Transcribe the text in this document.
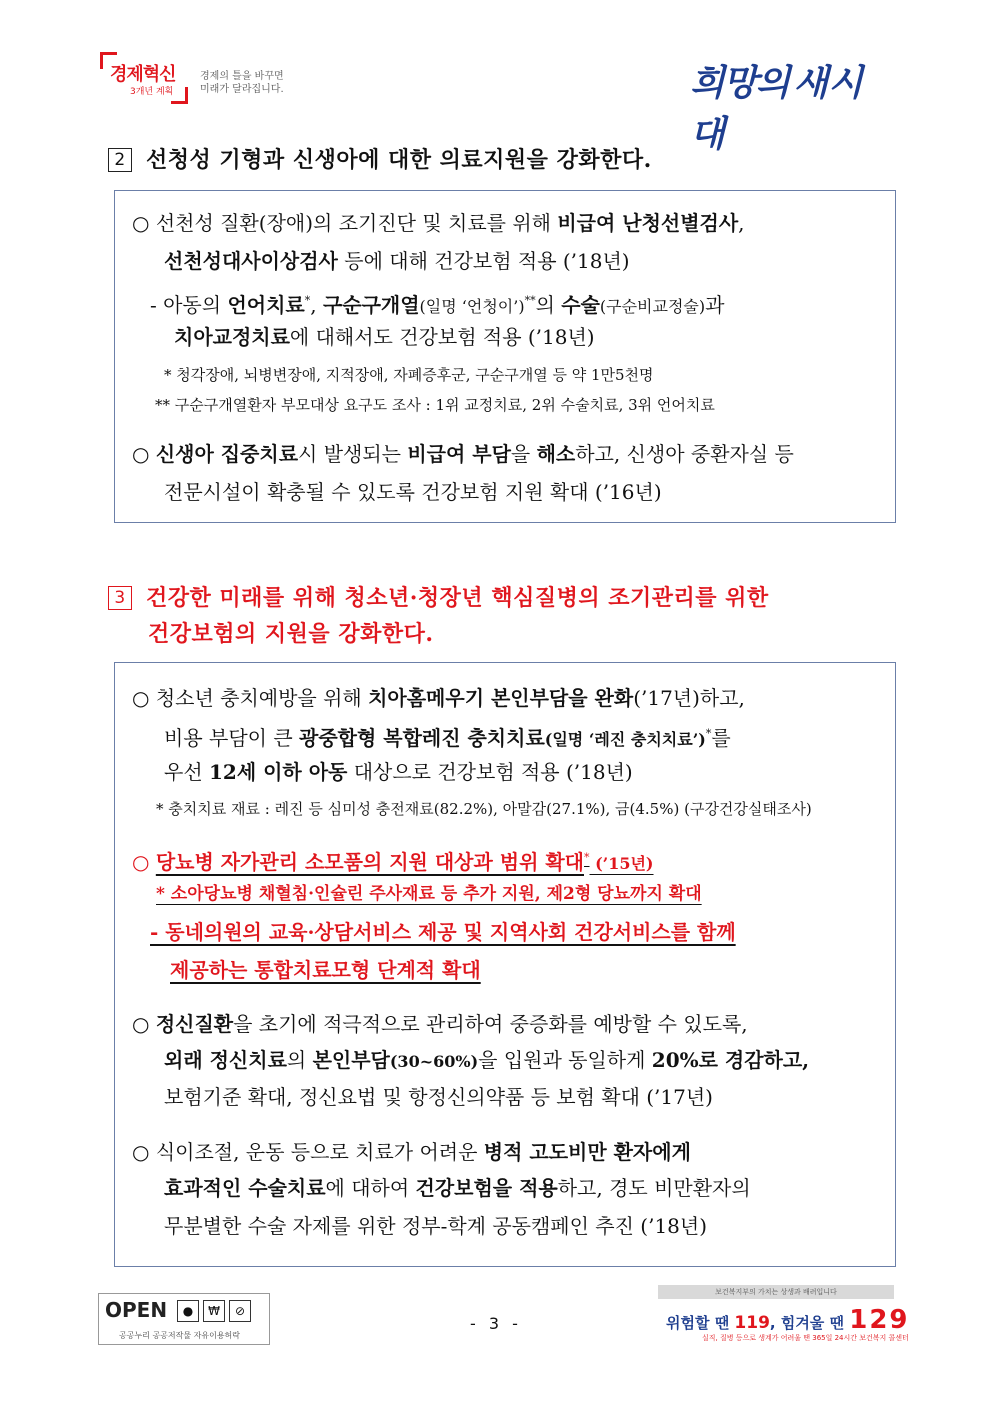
경제혁신
3개년 계획
경제의 틀을 바꾸면
미래가 달라집니다.	희망의 새시대
2 선청성 기형과 신생아에 대한 의료지원을 강화한다.
○ 선천성 질환(장애)의 조기진단 및 치료를 위해 비급여 난청선별검사,
선천성대사이상검사 등에 대해 건강보험 적용 (’18년)
- 아동의 언어치료*, 구순구개열(일명 ‘언청이’)**의 수술(구순비교정술)과
치아교정치료에 대해서도 건강보험 적용 (’18년)
* 청각장애, 뇌병변장애, 지적장애, 자폐증후군, 구순구개열 등 약 1만5천명
** 구순구개열환자 부모대상 요구도 조사 : 1위 교정치료, 2위 수술치료, 3위 언어치료
○ 신생아 집중치료시 발생되는 비급여 부담을 해소하고, 신생아 중환자실 등
전문시설이 확충될 수 있도록 건강보험 지원 확대 (’16년)
3 건강한 미래를 위해 청소년·청장년 핵심질병의 조기관리를 위한
건강보험의 지원을 강화한다.
○ 청소년 충치예방을 위해 치아홈메우기 본인부담을 완화(’17년)하고,
비용 부담이 큰 광중합형 복합레진 충치치료(일명 ‘레진 충치치료’)*를
우선 12세 이하 아동 대상으로 건강보험 적용 (’18년)
* 충치치료 재료 : 레진 등 심미성 충전재료(82.2%), 아말감(27.1%), 금(4.5%) (구강건강실태조사)
○ 당뇨병 자가관리 소모품의 지원 대상과 범위 확대* (’15년)
* 소아당뇨병 채혈침·인슐린 주사재료 등 추가 지원, 제2형 당뇨까지 확대
- 동네의원의 교육·상담서비스 제공 및 지역사회 건강서비스를 함께
제공하는 통합치료모형 단계적 확대
○ 정신질환을 초기에 적극적으로 관리하여 중증화를 예방할 수 있도록,
외래 정신치료의 본인부담(30~60%)을 입원과 동일하게 20%로 경감하고,
보험기준 확대, 정신요법 및 항정신의약품 등 보험 확대 (’17년)
○ 식이조절, 운동 등으로 치료가 어려운 병적 고도비만 환자에게
효과적인 수술치료에 대하여 건강보험을 적용하고, 경도 비만환자의
무분별한 수술 자제를 위한 정부-학계 공동캠페인 추진 (’18년)
OPEN	●	₩	⊘
공공누리 공공저작물 자유이용허락
- 3 -
보건복지부의 가치는 상생과 배려입니다
위험할 땐 119, 힘겨울 땐 129
실직, 질병 등으로 생계가 어려울 땐 365일 24시간 보건복지 콜센터
